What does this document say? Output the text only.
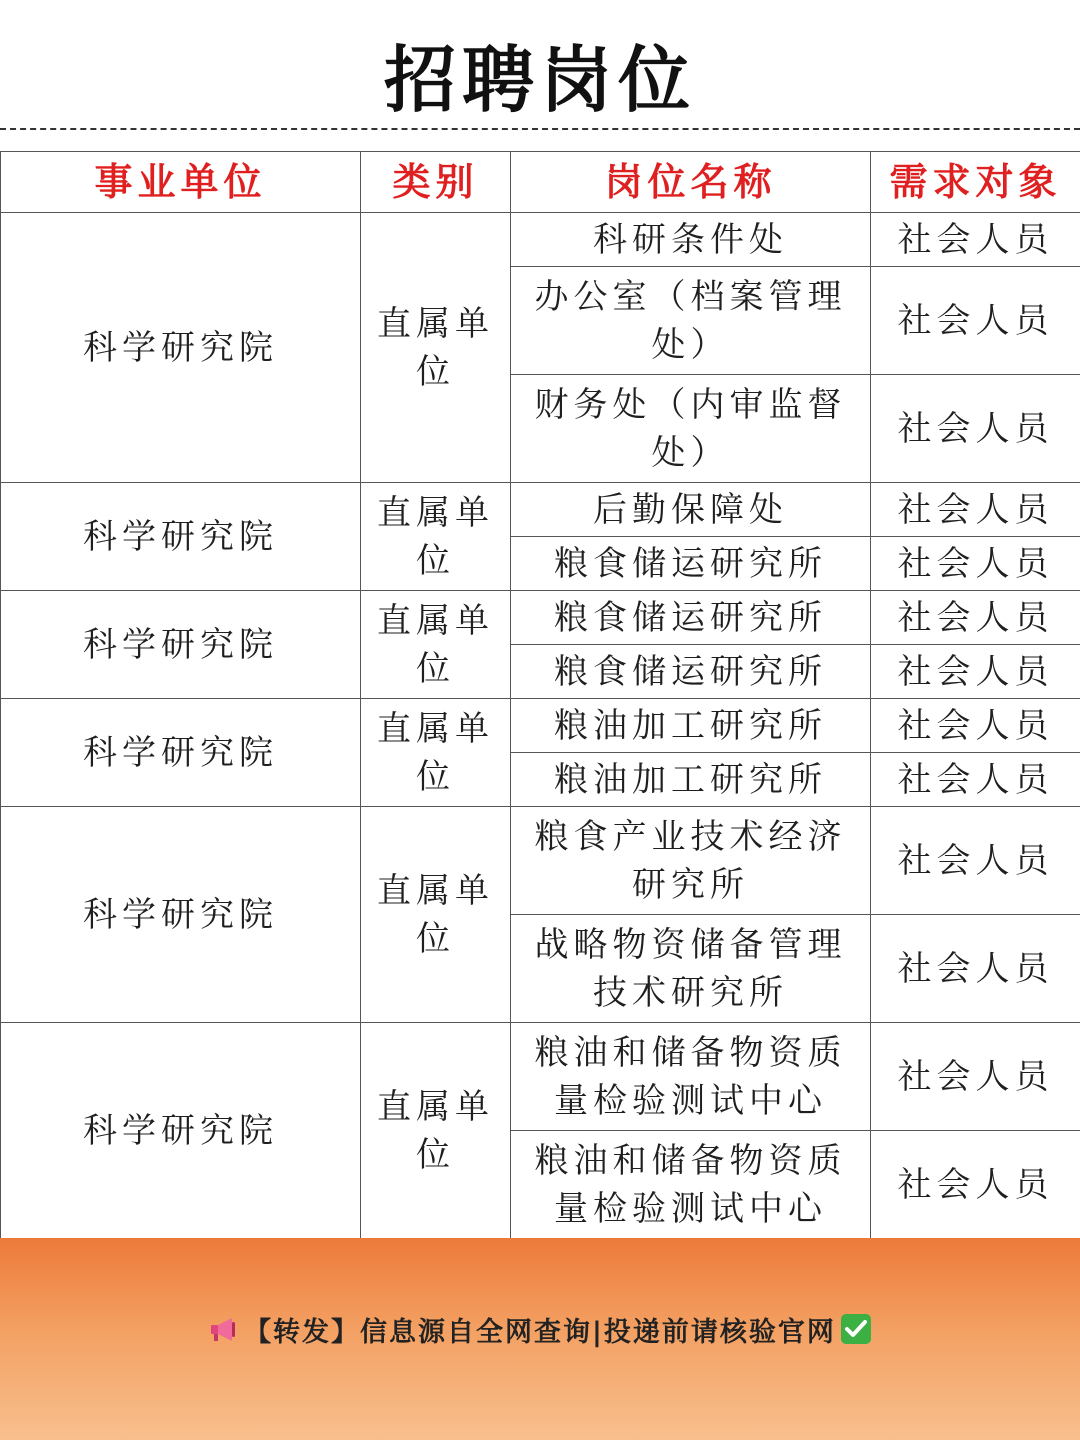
招聘岗位
事业单位	类别	岗位名称	需求对象
科学研究院	直属单位	科研条件处	社会人员
		办公室（档案管理处）	社会人员
		财务处（内审监督处）	社会人员
科学研究院	直属单位	后勤保障处	社会人员
		粮食储运研究所	社会人员
科学研究院	直属单位	粮食储运研究所	社会人员
		粮食储运研究所	社会人员
科学研究院	直属单位	粮油加工研究所	社会人员
		粮油加工研究所	社会人员
科学研究院	直属单位	粮食产业技术经济研究所	社会人员
		战略物资储备管理技术研究所	社会人员
科学研究院	直属单位	粮油和储备物资质量检验测试中心	社会人员
		粮油和储备物资质量检验测试中心	社会人员
【转发】信息源自全网查询|投递前请核验官网
